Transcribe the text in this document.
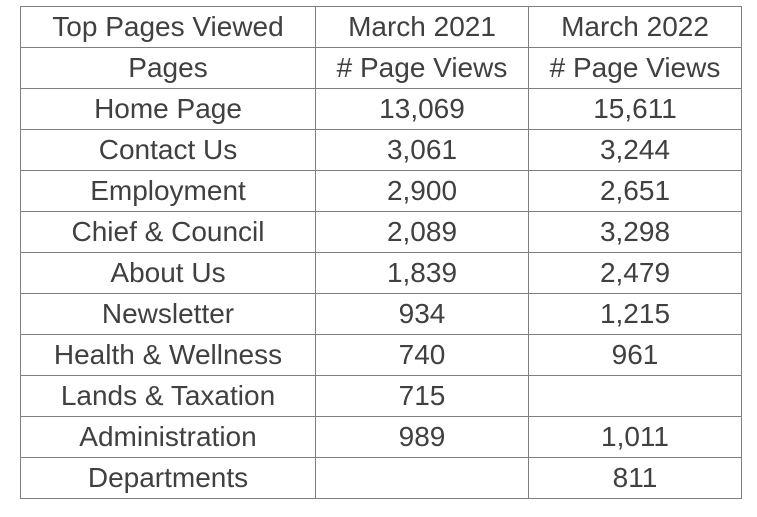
Top Pages Viewed	March 2021	March 2022
Pages	# Page Views	# Page Views
Home Page	13,069	15,611
Contact Us	3,061	3,244
Employment	2,900	2,651
Chief & Council	2,089	3,298
About Us	1,839	2,479
Newsletter	934	1,215
Health & Wellness	740	961
Lands & Taxation	715	
Administration	989	1,011
Departments		811
